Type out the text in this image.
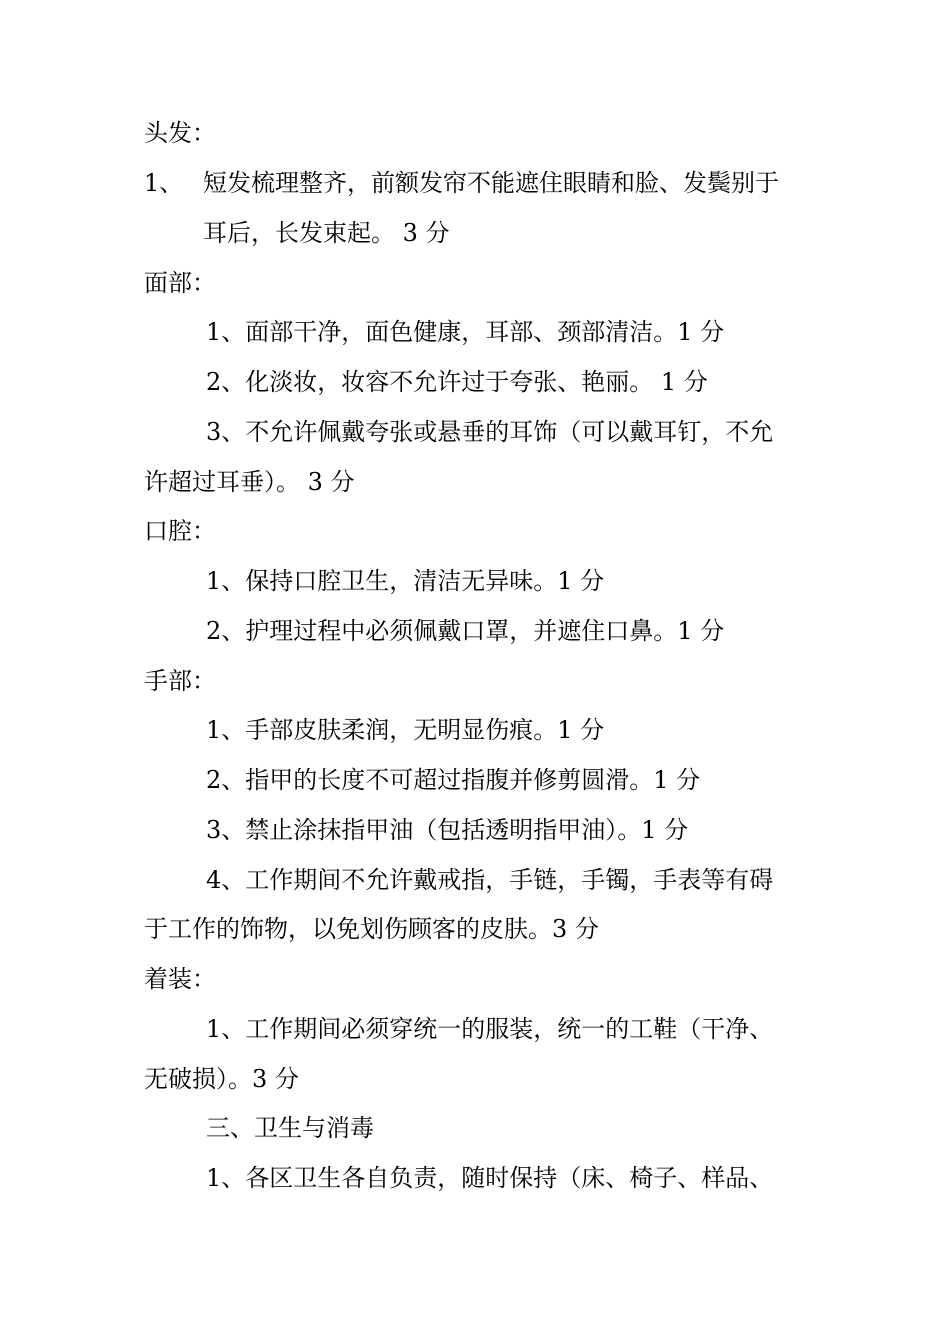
头发：
1、 短发梳理整齐，前额发帘不能遮住眼睛和脸、发鬓别于
耳后，长发束起。 3 分
面部：
1、面部干净，面色健康，耳部、颈部清洁。1 分
2、化淡妆，妆容不允许过于夸张、艳丽。 1 分
3、不允许佩戴夸张或悬垂的耳饰（可以戴耳钉，不允
许超过耳垂）。 3 分
口腔：
1、保持口腔卫生，清洁无异味。1 分
2、护理过程中必须佩戴口罩，并遮住口鼻。1 分
手部：
1、手部皮肤柔润，无明显伤痕。1 分
2、指甲的长度不可超过指腹并修剪圆滑。1 分
3、禁止涂抹指甲油（包括透明指甲油）。1 分
4、工作期间不允许戴戒指，手链，手镯，手表等有碍
于工作的饰物，以免划伤顾客的皮肤。3 分
着装：
1、工作期间必须穿统一的服装，统一的工鞋（干净、
无破损）。3 分
三、卫生与消毒
1、各区卫生各自负责，随时保持（床、椅子、样品、
